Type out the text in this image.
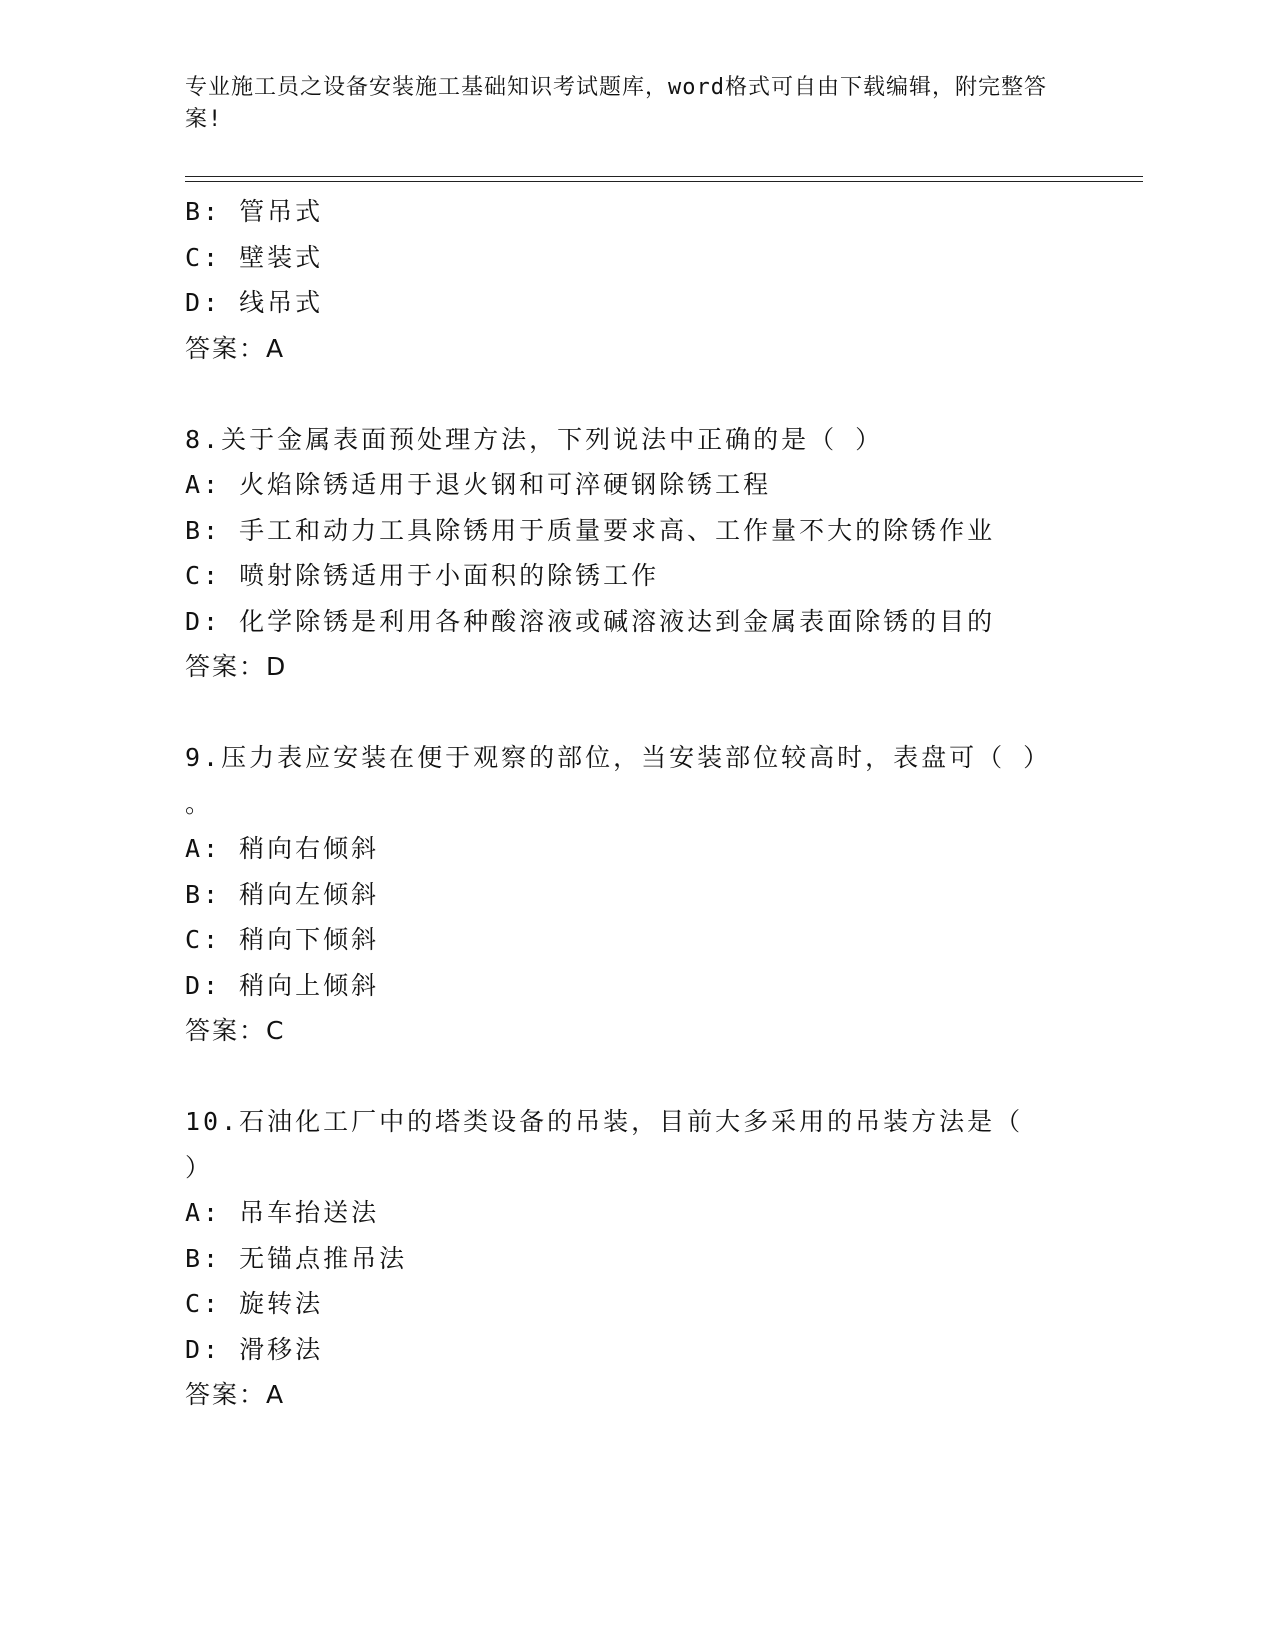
专业施工员之设备安装施工基础知识考试题库，word格式可自由下载编辑，附完整答案!
B: 管吊式
C: 壁装式
D: 线吊式
答案：A
8.关于金属表面预处理方法，下列说法中正确的是（ ）
A: 火焰除锈适用于退火钢和可淬硬钢除锈工程
B: 手工和动力工具除锈用于质量要求高、工作量不大的除锈作业
C: 喷射除锈适用于小面积的除锈工作
D: 化学除锈是利用各种酸溶液或碱溶液达到金属表面除锈的目的
答案：D
9.压力表应安装在便于观察的部位，当安装部位较高时，表盘可（ ）
。
A: 稍向右倾斜
B: 稍向左倾斜
C: 稍向下倾斜
D: 稍向上倾斜
答案：C
10.石油化工厂中的塔类设备的吊装，目前大多采用的吊装方法是（
）
A: 吊车抬送法
B: 无锚点推吊法
C: 旋转法
D: 滑移法
答案：A
